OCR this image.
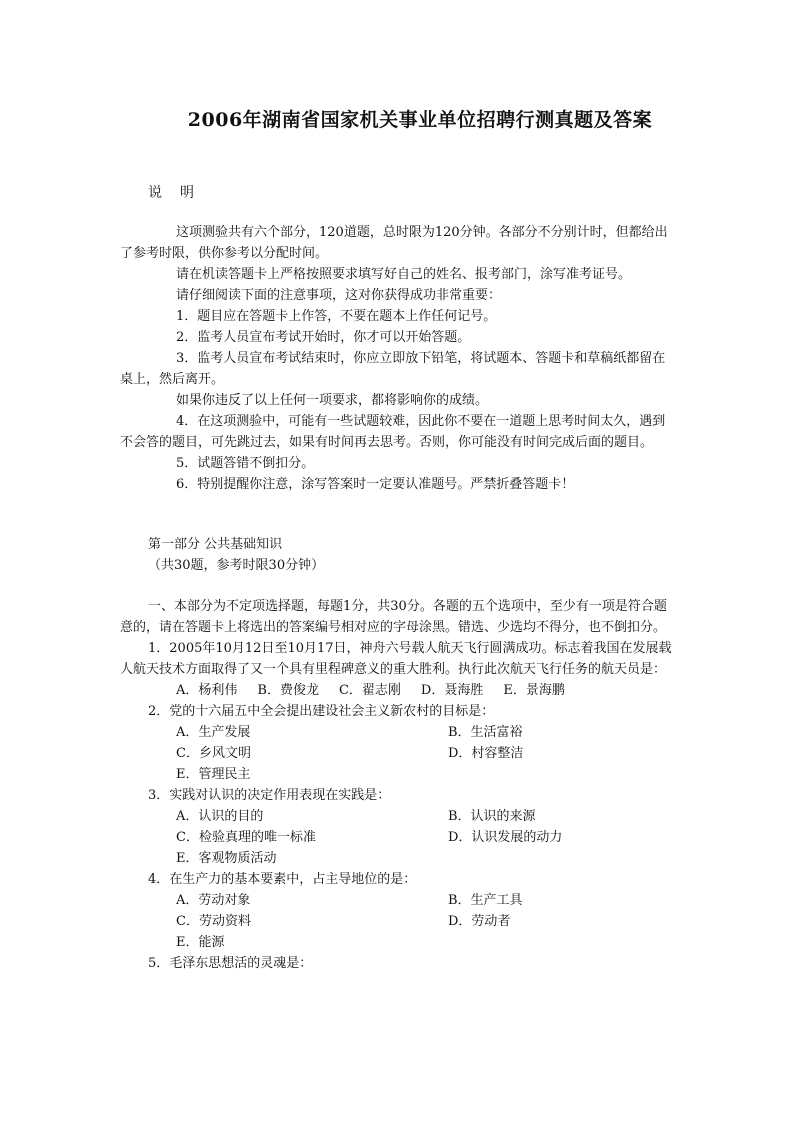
2006年湖南省国家机关事业单位招聘行测真题及答案
说明

这项测验共有六个部分，120道题，总时限为120分钟。各部分不分别计时，但都给出了参考时限，供你参考以分配时间。

请在机读答题卡上严格按照要求填写好自己的姓名、报考部门，涂写准考证号。

请仔细阅读下面的注意事项，这对你获得成功非常重要：

1．题目应在答题卡上作答，不要在题本上作任何记号。

2．监考人员宣布考试开始时，你才可以开始答题。

3．监考人员宣布考试结束时，你应立即放下铅笔，将试题本、答题卡和草稿纸都留在桌上，然后离开。

如果你违反了以上任何一项要求，都将影响你的成绩。

4．在这项测验中，可能有一些试题较难，因此你不要在一道题上思考时间太久，遇到不会答的题目，可先跳过去，如果有时间再去思考。否则，你可能没有时间完成后面的题目。

5．试题答错不倒扣分。

6．特别提醒你注意，涂写答案时一定要认准题号。严禁折叠答题卡！

第一部分 公共基础知识

（共30题，参考时限30分钟）

一、本部分为不定项选择题，每题1分，共30分。各题的五个选项中，至少有一项是符合题意的，请在答题卡上将选出的答案编号相对应的字母涂黑。错选、少选均不得分，也不倒扣分。

1．2005年10月12日至10月17日，神舟六号载人航天飞行圆满成功。标志着我国在发展载人航天技术方面取得了又一个具有里程碑意义的重大胜利。执行此次航天飞行任务的航天员是：

A．杨利伟 B．费俊龙 C．翟志刚 D．聂海胜 E．景海鹏

2．党的十六届五中全会提出建设社会主义新农村的目标是：

A．生产发展	B．生活富裕
C．乡风文明	D．村容整洁
E．管理民主

3．实践对认识的决定作用表现在实践是：

A．认识的目的	B．认识的来源
C．检验真理的唯一标准	D．认识发展的动力
E．客观物质活动

4．在生产力的基本要素中，占主导地位的是：

A．劳动对象	B．生产工具
C．劳动资料	D．劳动者
E．能源

5．毛泽东思想活的灵魂是：
